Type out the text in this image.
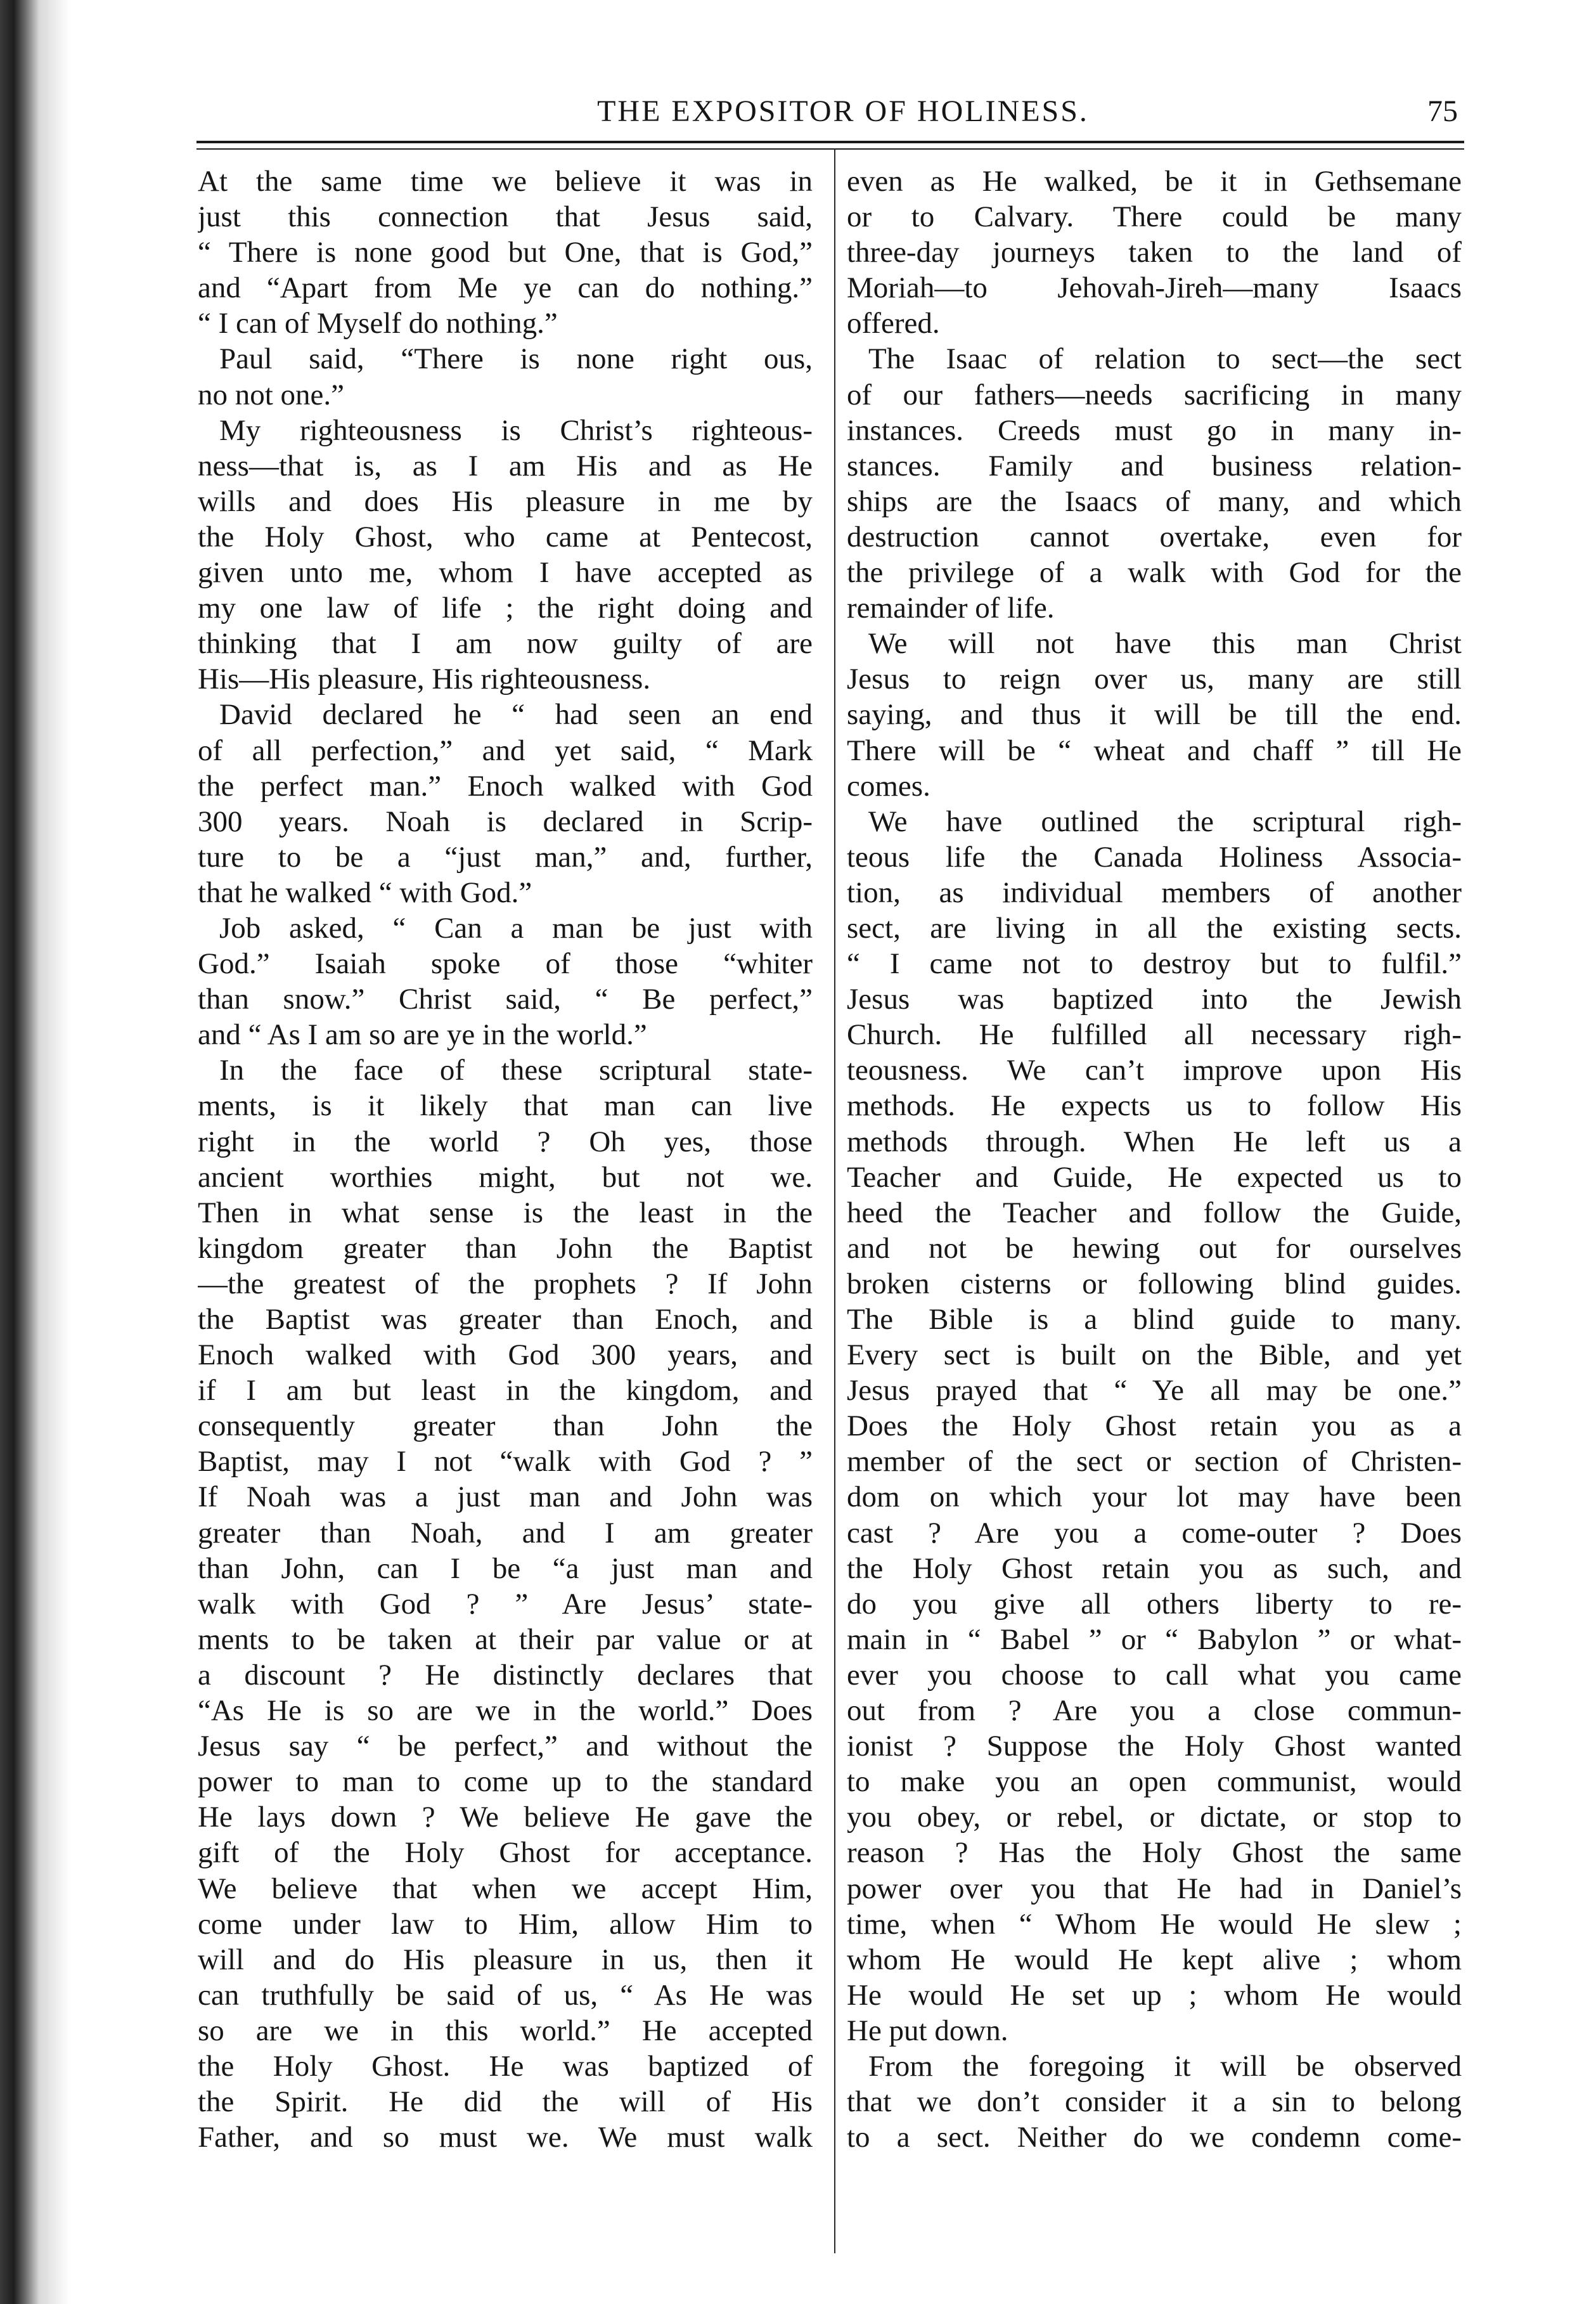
THE EXPOSITOR OF HOLINESS.	75
At the same time we believe it was in
just this connection that Jesus said,
“ There is none good but One, that is God,”
and “Apart from Me ye can do nothing.”
“ I can of Myself do nothing.”
Paul said, “There is none right ous,
no not one.”
My righteousness is Christ’s righteous-
ness—that is, as I am His and as He
wills and does His pleasure in me by
the Holy Ghost, who came at Pentecost,
given unto me, whom I have accepted as
my one law of life ; the right doing and
thinking that I am now guilty of are
His—His pleasure, His righteousness.
David declared he “ had seen an end
of all perfection,” and yet said, “ Mark
the perfect man.” Enoch walked with God
300 years. Noah is declared in Scrip-
ture to be a “just man,” and, further,
that he walked “ with God.”
Job asked, “ Can a man be just with
God.” Isaiah spoke of those “whiter
than snow.” Christ said, “ Be perfect,”
and “ As I am so are ye in the world.”
In the face of these scriptural state-
ments, is it likely that man can live
right in the world ? Oh yes, those
ancient worthies might, but not we.
Then in what sense is the least in the
kingdom greater than John the Baptist
—the greatest of the prophets ? If John
the Baptist was greater than Enoch, and
Enoch walked with God 300 years, and
if I am but least in the kingdom, and
consequently greater than John the
Baptist, may I not “walk with God ? ”
If Noah was a just man and John was
greater than Noah, and I am greater
than John, can I be “a just man and
walk with God ? ” Are Jesus’ state-
ments to be taken at their par value or at
a discount ? He distinctly declares that
“As He is so are we in the world.” Does
Jesus say “ be perfect,” and without the
power to man to come up to the standard
He lays down ? We believe He gave the
gift of the Holy Ghost for acceptance.
We believe that when we accept Him,
come under law to Him, allow Him to
will and do His pleasure in us, then it
can truthfully be said of us, “ As He was
so are we in this world.” He accepted
the Holy Ghost. He was baptized of
the Spirit. He did the will of His
Father, and so must we. We must walk
even as He walked, be it in Gethsemane
or to Calvary. There could be many
three-day journeys taken to the land of
Moriah—to Jehovah-Jireh—many Isaacs
offered.
The Isaac of relation to sect—the sect
of our fathers—needs sacrificing in many
instances. Creeds must go in many in-
stances. Family and business relation-
ships are the Isaacs of many, and which
destruction cannot overtake, even for
the privilege of a walk with God for the
remainder of life.
We will not have this man Christ
Jesus to reign over us, many are still
saying, and thus it will be till the end.
There will be “ wheat and chaff ” till He
comes.
We have outlined the scriptural righ-
teous life the Canada Holiness Associa-
tion, as individual members of another
sect, are living in all the existing sects.
“ I came not to destroy but to fulfil.”
Jesus was baptized into the Jewish
Church. He fulfilled all necessary righ-
teousness. We can’t improve upon His
methods. He expects us to follow His
methods through. When He left us a
Teacher and Guide, He expected us to
heed the Teacher and follow the Guide,
and not be hewing out for ourselves
broken cisterns or following blind guides.
The Bible is a blind guide to many.
Every sect is built on the Bible, and yet
Jesus prayed that “ Ye all may be one.”
Does the Holy Ghost retain you as a
member of the sect or section of Christen-
dom on which your lot may have been
cast ? Are you a come-outer ? Does
the Holy Ghost retain you as such, and
do you give all others liberty to re-
main in “ Babel ” or “ Babylon ” or what-
ever you choose to call what you came
out from ? Are you a close commun-
ionist ? Suppose the Holy Ghost wanted
to make you an open communist, would
you obey, or rebel, or dictate, or stop to
reason ? Has the Holy Ghost the same
power over you that He had in Daniel’s
time, when “ Whom He would He slew ;
whom He would He kept alive ; whom
He would He set up ; whom He would
He put down.
From the foregoing it will be observed
that we don’t consider it a sin to belong
to a sect. Neither do we condemn come-
